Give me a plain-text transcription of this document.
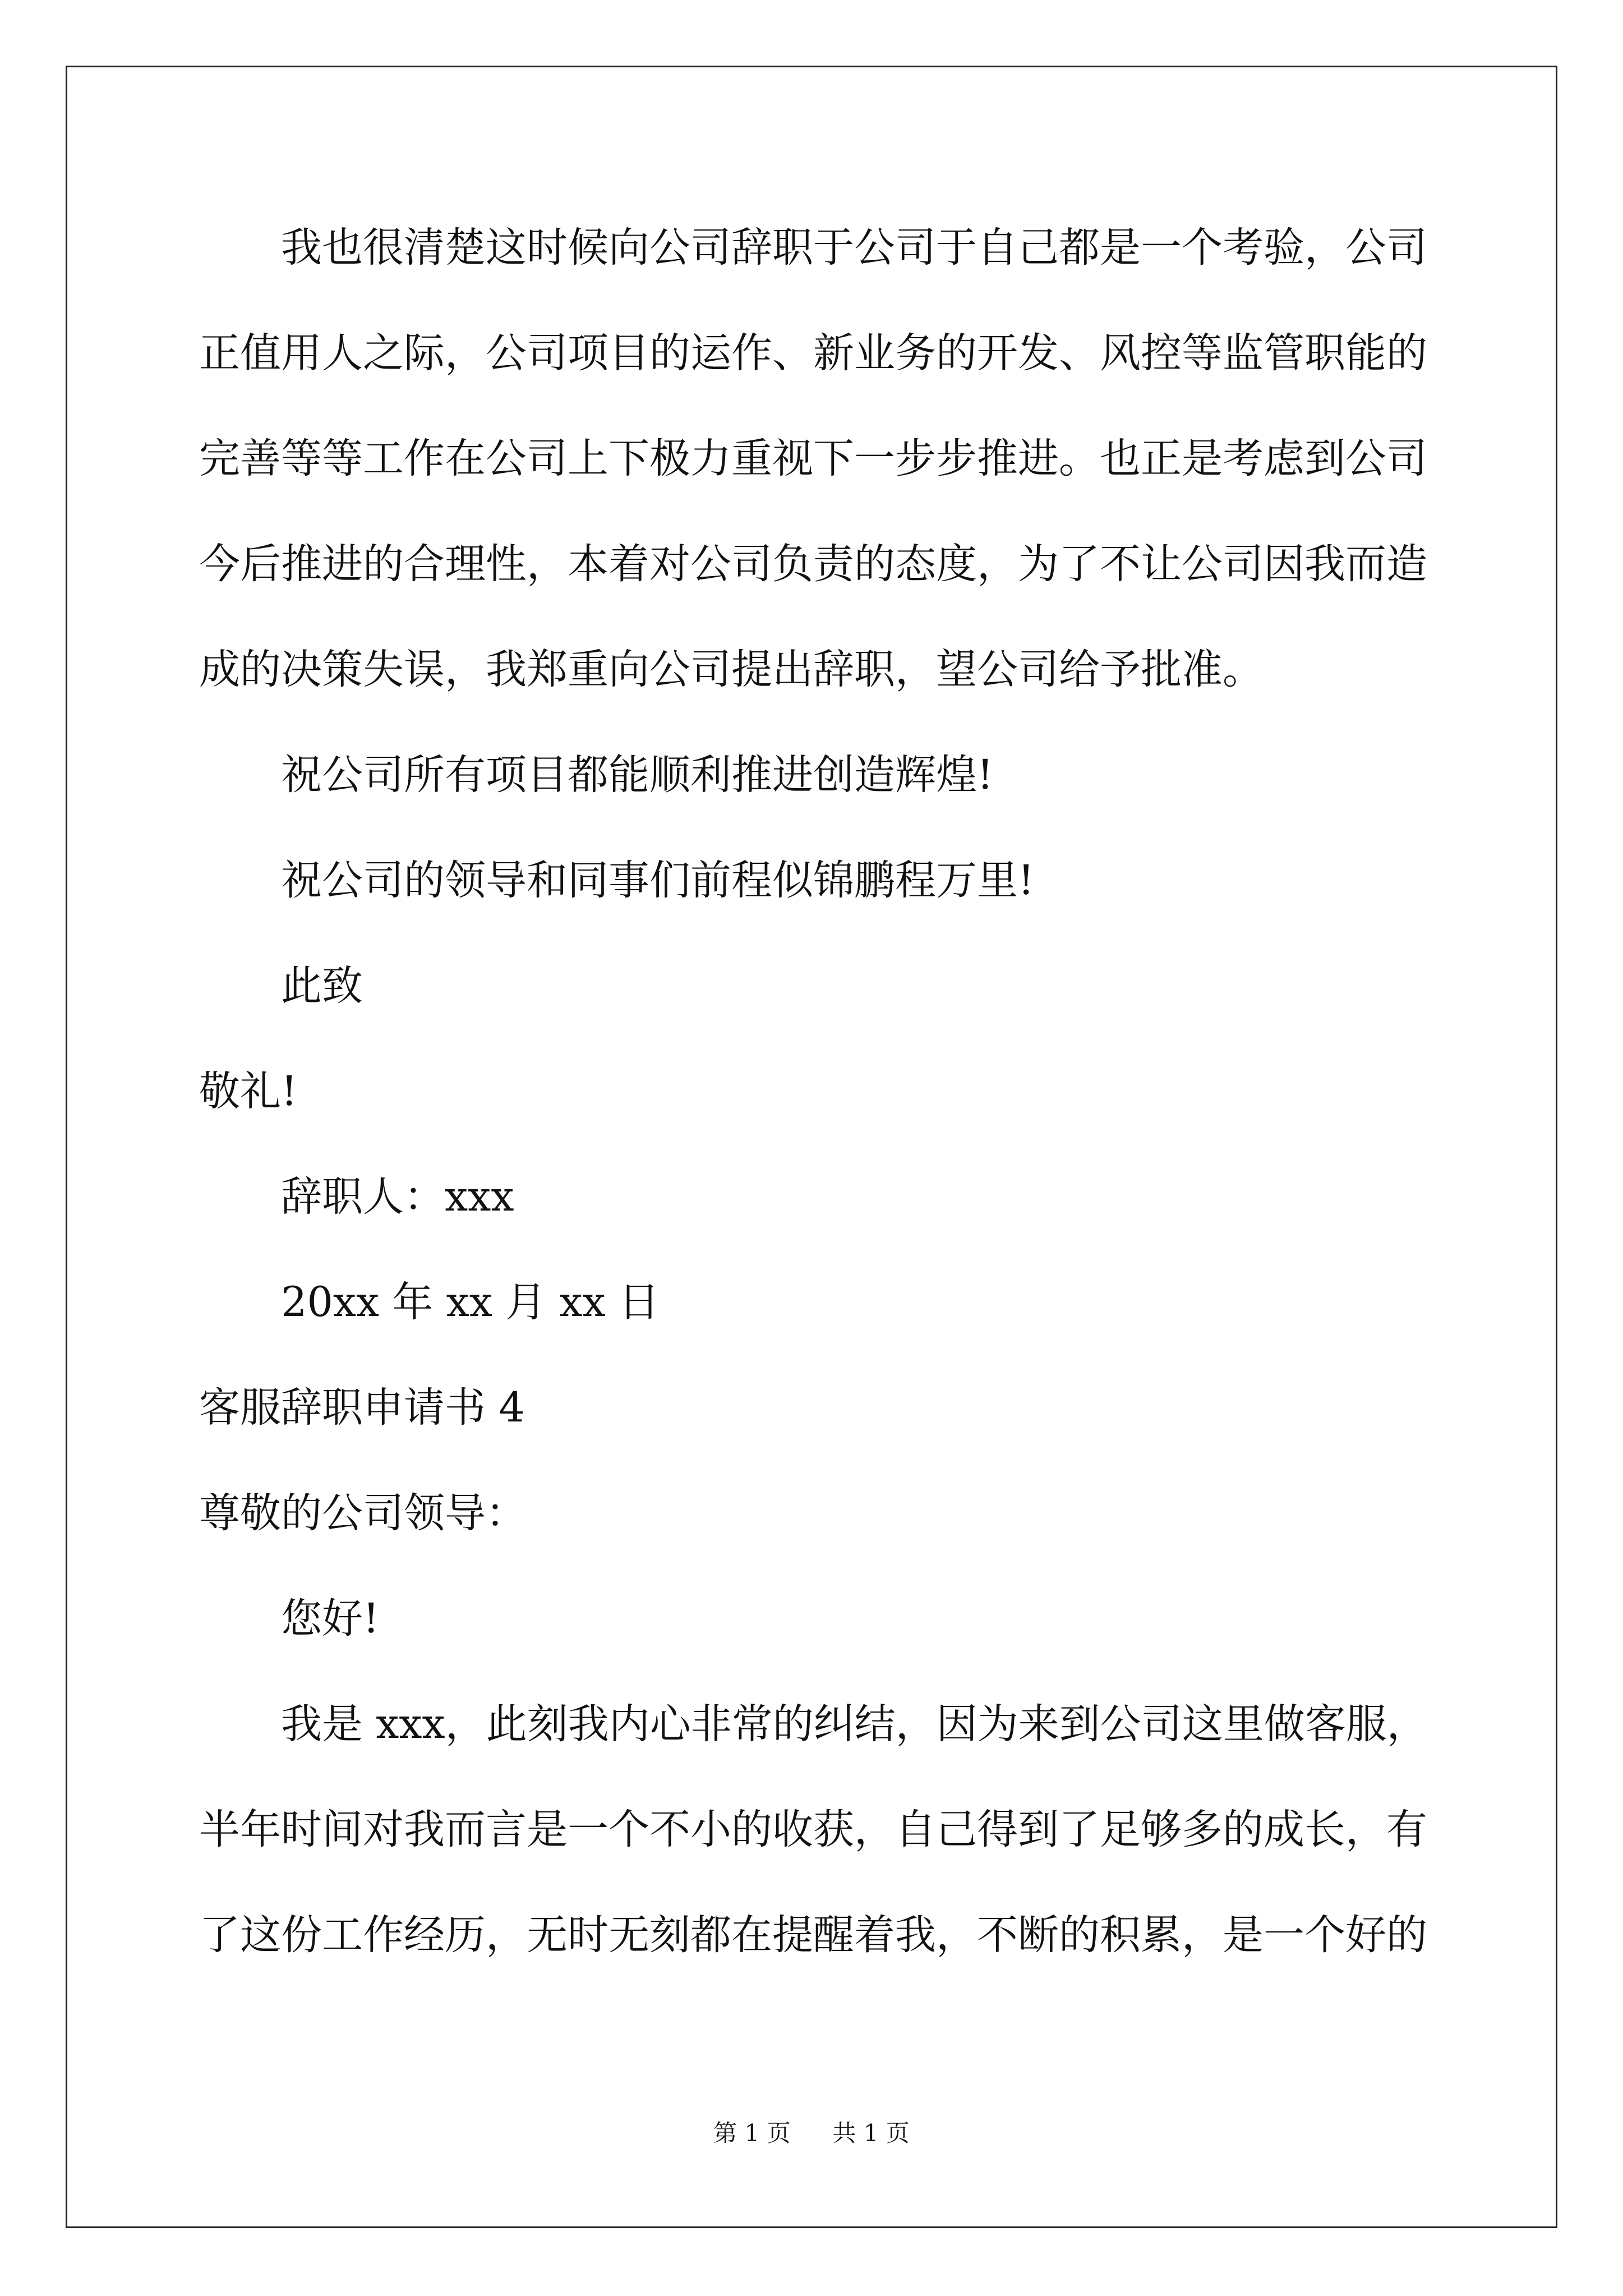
我也很清楚这时候向公司辞职于公司于自己都是一个考验，公司
正值用人之际，公司项目的运作、新业务的开发、风控等监管职能的
完善等等工作在公司上下极力重视下一步步推进。也正是考虑到公司
今后推进的合理性，本着对公司负责的态度，为了不让公司因我而造
成的决策失误，我郑重向公司提出辞职，望公司给予批准。
祝公司所有项目都能顺利推进创造辉煌!
祝公司的领导和同事们前程似锦鹏程万里!
此致
敬礼!
辞职人：xxx
20xx 年 xx 月 xx 日
客服辞职申请书 4
尊敬的公司领导：
您好!
我是 xxx，此刻我内心非常的纠结，因为来到公司这里做客服，
半年时间对我而言是一个不小的收获，自己得到了足够多的成长，有
了这份工作经历，无时无刻都在提醒着我，不断的积累，是一个好的
第 1 页 共 1 页
